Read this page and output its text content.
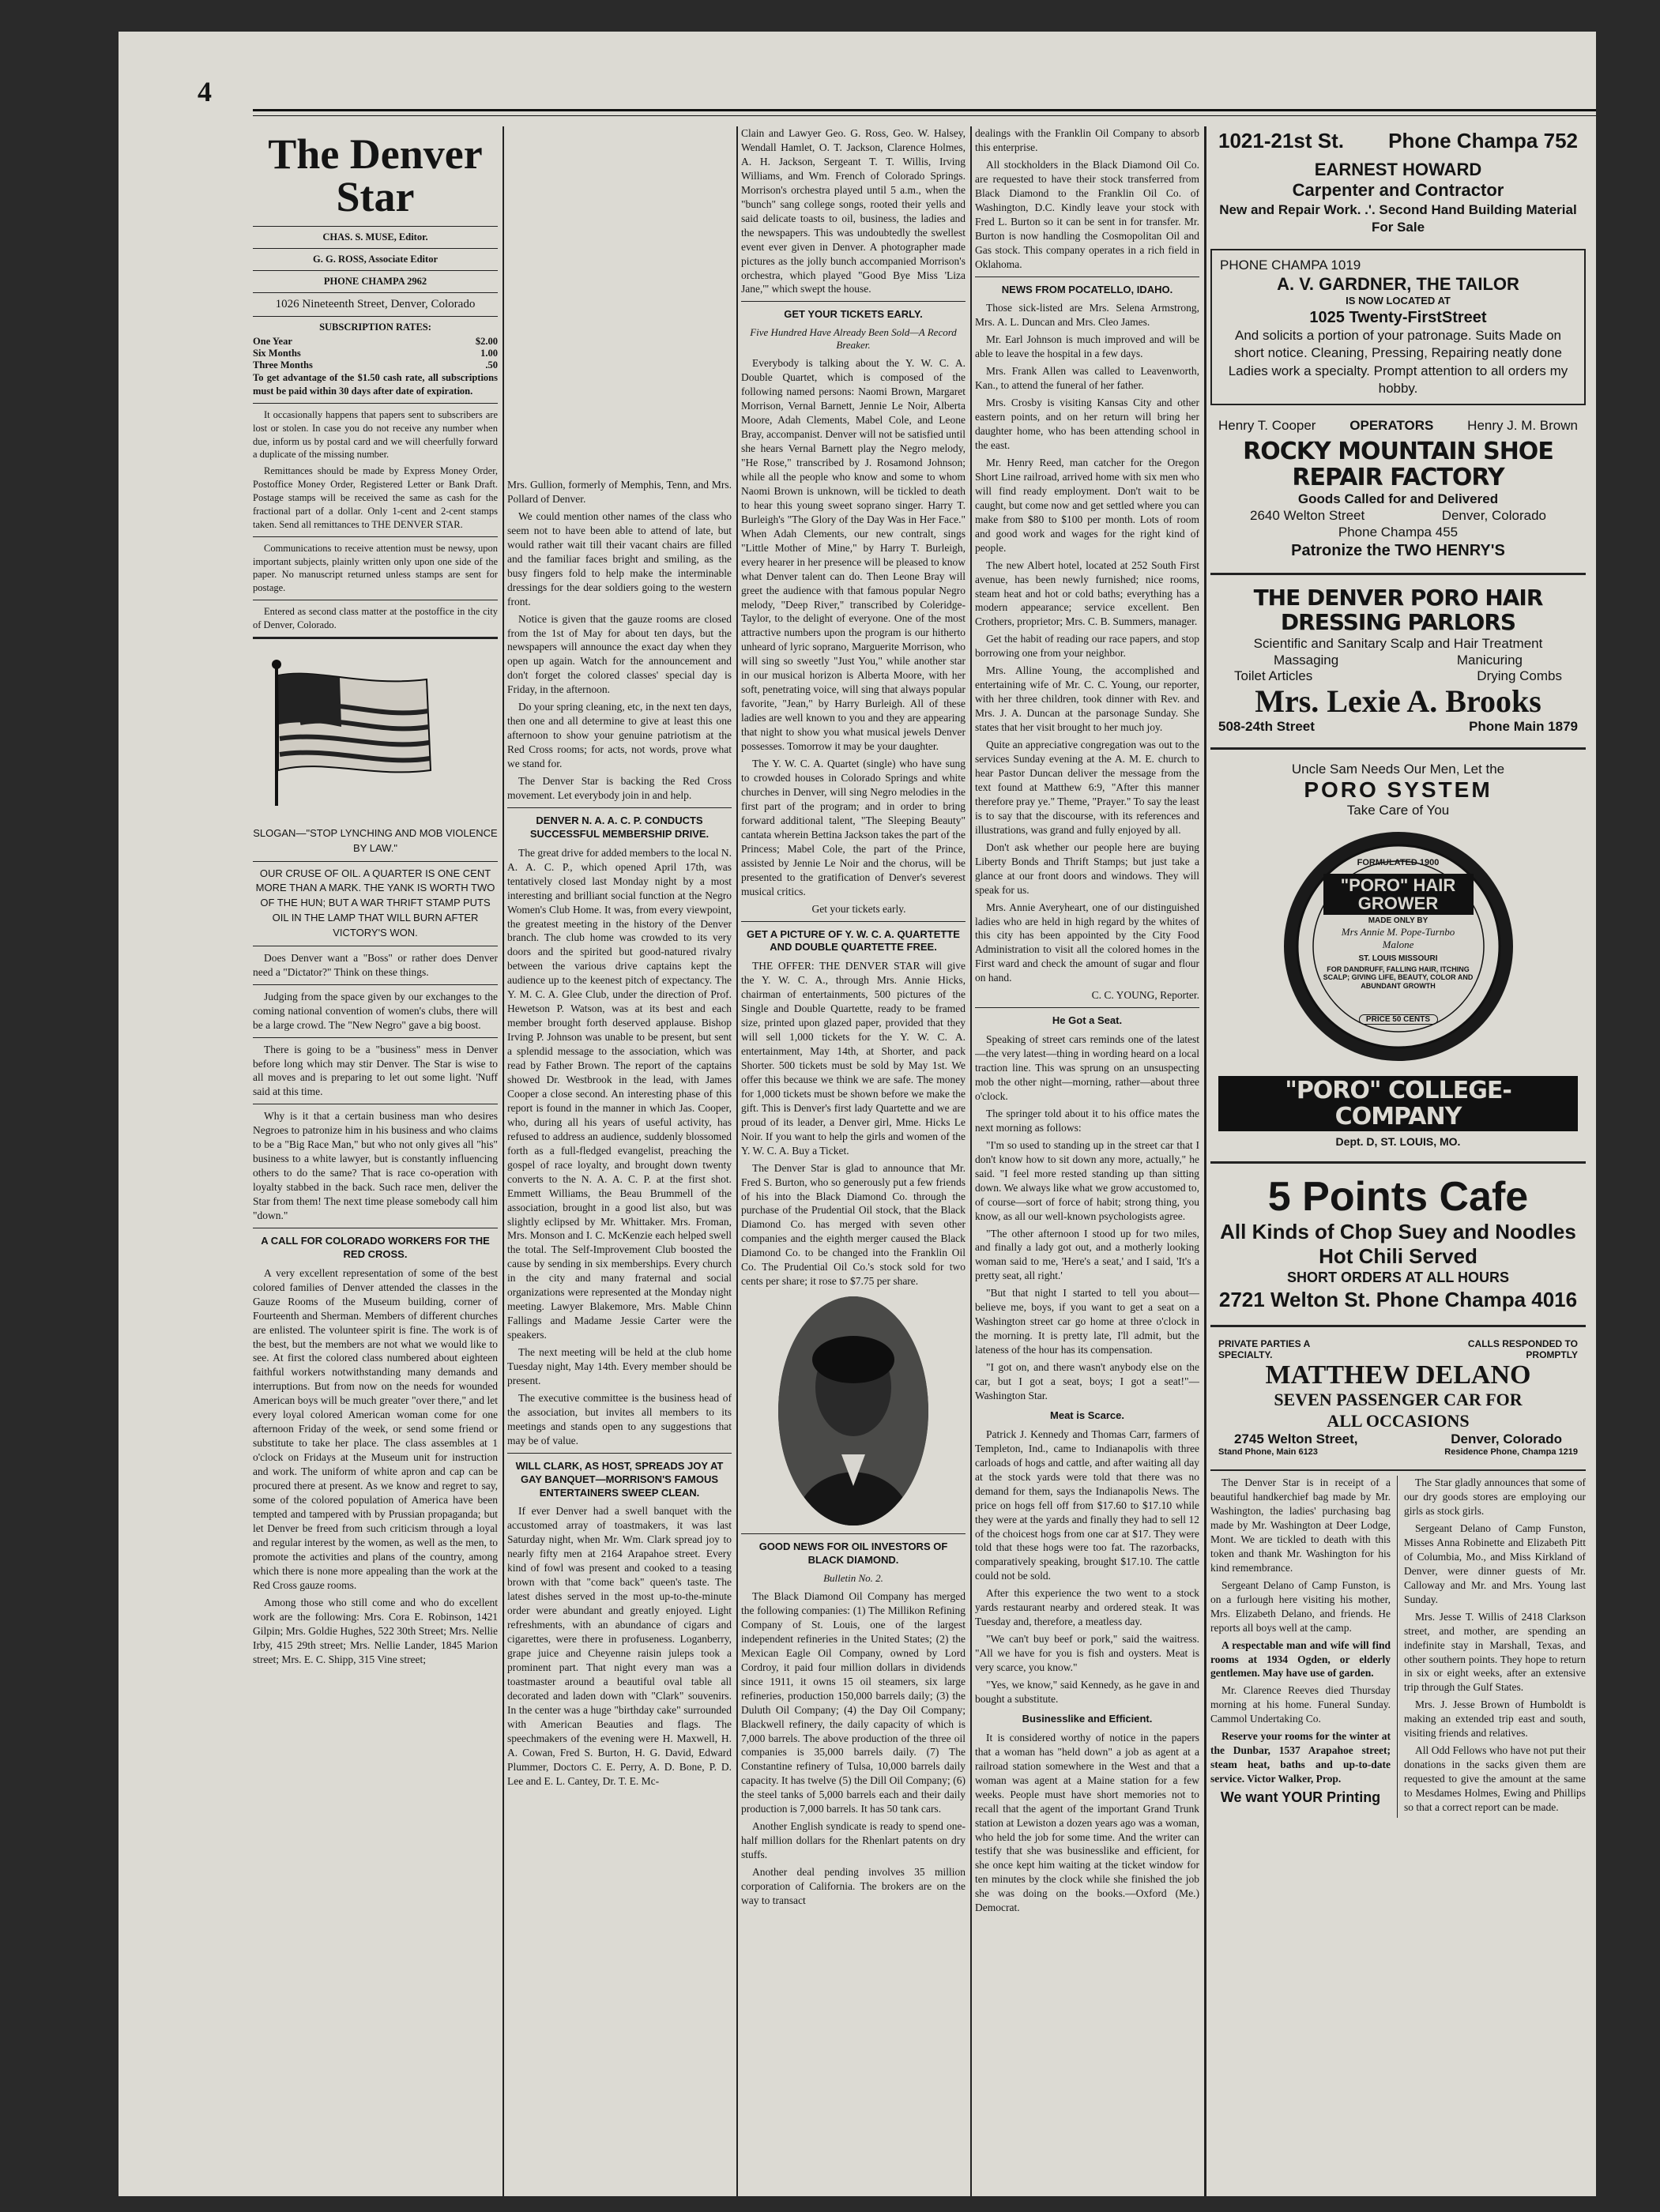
4
The Denver Star
CHAS. S. MUSE, Editor.
G. G. ROSS, Associate Editor
PHONE CHAMPA 2962
1026 Nineteenth Street, Denver, Colorado
SUBSCRIPTION RATES:
One Year	$2.00
Six Months	1.00
Three Months	.50

To get advantage of the $1.50 cash rate, all subscriptions must be paid within 30 days after date of expiration.

It occasionally happens that papers sent to subscribers are lost or stolen. In case you do not receive any number when due, inform us by postal card and we will cheerfully forward a duplicate of the missing number.

Remittances should be made by Express Money Order, Postoffice Money Order, Registered Letter or Bank Draft. Postage stamps will be received the same as cash for the fractional part of a dollar. Only 1-cent and 2-cent stamps taken. Send all remittances to THE DENVER STAR.

Communications to receive attention must be newsy, upon important subjects, plainly written only upon one side of the paper. No manuscript returned unless stamps are sent for postage.

Entered as second class matter at the postoffice in the city of Denver, Colorado.

SLOGAN—"STOP LYNCHING AND MOB VIOLENCE BY LAW."
OUR CRUSE OF OIL. A QUARTER IS ONE CENT MORE THAN A MARK. THE YANK IS WORTH TWO OF THE HUN; BUT A WAR THRIFT STAMP PUTS OIL IN THE LAMP THAT WILL BURN AFTER VICTORY'S WON.

Does Denver want a "Boss" or rather does Denver need a "Dictator?" Think on these things.

Judging from the space given by our exchanges to the coming national convention of women's clubs, there will be a large crowd. The "New Negro" gave a big boost.

There is going to be a "business" mess in Denver before long which may stir Denver. The Star is wise to all moves and is preparing to let out some light. 'Nuff said at this time.

Why is it that a certain business man who desires Negroes to patronize him in his business and who claims to be a "Big Race Man," but who not only gives all "his" business to a white lawyer, but is constantly influencing others to do the same? That is race co-operation with loyalty stabbed in the back. Such race men, deliver the Star from them! The next time please somebody call him "down."

A CALL FOR COLORADO WORKERS FOR THE RED CROSS.

A very excellent representation of some of the best colored families of Denver attended the classes in the Gauze Rooms of the Museum building, corner of Fourteenth and Sherman. Members of different churches are enlisted. The volunteer spirit is fine. The work is of the best, but the members are not what we would like to see. At first the colored class numbered about eighteen faithful workers notwithstanding many demands and interruptions. But from now on the needs for wounded American boys will be much greater "over there," and let every loyal colored American woman come for one afternoon Friday of the week, or send some friend or substitute to take her place. The class assembles at 1 o'clock on Fridays at the Museum unit for instruction and work. The uniform of white apron and cap can be procured there at present. As we know and regret to say, some of the colored population of America have been tempted and tampered with by Prussian propaganda; but let Denver be freed from such criticism through a loyal and regular interest by the women, as well as the men, to promote the activities and plans of the country, among which there is none more appealing than the work at the Red Cross gauze rooms.

Among those who still come and who do excellent work are the following: Mrs. Cora E. Robinson, 1421 Gilpin; Mrs. Goldie Hughes, 522 30th Street; Mrs. Nellie Irby, 415 29th street; Mrs. Nellie Lander, 1845 Marion street; Mrs. E. C. Shipp, 315 Vine street;

Mrs. Gullion, formerly of Memphis, Tenn, and Mrs. Pollard of Denver.

We could mention other names of the class who seem not to have been able to attend of late, but would rather wait till their vacant chairs are filled and the familiar faces bright and smiling, as the busy fingers fold to help make the interminable dressings for the dear soldiers going to the western front.

Notice is given that the gauze rooms are closed from the 1st of May for about ten days, but the newspapers will announce the exact day when they open up again. Watch for the announcement and don't forget the colored classes' special day is Friday, in the afternoon.

Do your spring cleaning, etc, in the next ten days, then one and all determine to give at least this one afternoon to show your genuine patriotism at the Red Cross rooms; for acts, not words, prove what we stand for.

The Denver Star is backing the Red Cross movement. Let everybody join in and help.

DENVER N. A. A. C. P. CONDUCTS SUCCESSFUL MEMBERSHIP DRIVE.

The great drive for added members to the local N. A. A. C. P., which opened April 17th, was tentatively closed last Monday night by a most interesting and brilliant social function at the Negro Women's Club Home. It was, from every viewpoint, the greatest meeting in the history of the Denver branch. The club home was crowded to its very doors and the spirited but good-natured rivalry between the various drive captains kept the audience up to the keenest pitch of expectancy. The Y. M. C. A. Glee Club, under the direction of Prof. Hewetson P. Watson, was at its best and each member brought forth deserved applause. Bishop Irving P. Johnson was unable to be present, but sent a splendid message to the association, which was read by Father Brown. The report of the captains showed Dr. Westbrook in the lead, with James Cooper a close second. An interesting phase of this report is found in the manner in which Jas. Cooper, who, during all his years of useful activity, has refused to address an audience, suddenly blossomed forth as a full-fledged evangelist, preaching the gospel of race loyalty, and brought down twenty converts to the N. A. A. C. P. at the first shot. Emmett Williams, the Beau Brummell of the association, brought in a good list also, but was slightly eclipsed by Mr. Whittaker. Mrs. Froman, Mrs. Monson and I. C. McKenzie each helped swell the total. The Self-Improvement Club boosted the cause by sending in six memberships. Every church in the city and many fraternal and social organizations were represented at the Monday night meeting. Lawyer Blakemore, Mrs. Mable Chinn Fallings and Madame Jessie Carter were the speakers.

The next meeting will be held at the club home Tuesday night, May 14th. Every member should be present.

The executive committee is the business head of the association, but invites all members to its meetings and stands open to any suggestions that may be of value.

WILL CLARK, AS HOST, SPREADS JOY AT GAY BANQUET—MORRISON'S FAMOUS ENTERTAINERS SWEEP CLEAN.

If ever Denver had a swell banquet with the accustomed array of toastmakers, it was last Saturday night, when Mr. Wm. Clark spread joy to nearly fifty men at 2164 Arapahoe street. Every kind of fowl was present and cooked to a teasing brown with that "come back" queen's taste. The latest dishes served in the most up-to-the-minute order were abundant and greatly enjoyed. Light refreshments, with an abundance of cigars and cigarettes, were there in profuseness. Loganberry, grape juice and Cheyenne raisin juleps took a prominent part. That night every man was a toastmaster around a beautiful oval table all decorated and laden down with "Clark" souvenirs. In the center was a huge "birthday cake" surrounded with American Beauties and flags. The speechmakers of the evening were H. Maxwell, H. A. Cowan, Fred S. Burton, H. G. David, Edward Plummer, Doctors C. E. Perry, A. D. Bone, P. D. Lee and E. L. Cantey, Dr. T. E. Mc-

Clain and Lawyer Geo. G. Ross, Geo. W. Halsey, Wendall Hamlet, O. T. Jackson, Clarence Holmes, A. H. Jackson, Sergeant T. T. Willis, Irving Williams, and Wm. French of Colorado Springs. Morrison's orchestra played until 5 a.m., when the "bunch" sang college songs, rooted their yells and said delicate toasts to oil, business, the ladies and the newspapers. This was undoubtedly the swellest event ever given in Denver. A photographer made pictures as the jolly bunch accompanied Morrison's orchestra, which played "Good Bye Miss 'Liza Jane,'" which swept the house.

GET YOUR TICKETS EARLY.
Five Hundred Have Already Been Sold—A Record Breaker.

Everybody is talking about the Y. W. C. A. Double Quartet, which is composed of the following named persons: Naomi Brown, Margaret Morrison, Vernal Barnett, Jennie Le Noir, Alberta Moore, Adah Clements, Mabel Cole, and Leone Bray, accompanist. Denver will not be satisfied until she hears Vernal Barnett play the Negro melody, "He Rose," transcribed by J. Rosamond Johnson; while all the people who know and some to whom Naomi Brown is unknown, will be tickled to death to hear this young sweet soprano singer. Harry T. Burleigh's "The Glory of the Day Was in Her Face." When Adah Clements, our new contralt, sings "Little Mother of Mine," by Harry T. Burleigh, every hearer in her presence will be pleased to know what Denver talent can do. Then Leone Bray will greet the audience with that famous popular Negro melody, "Deep River," transcribed by Coleridge-Taylor, to the delight of everyone. One of the most attractive numbers upon the program is our hitherto unheard of lyric soprano, Marguerite Morrison, who will sing so sweetly "Just You," while another star in our musical horizon is Alberta Moore, with her soft, penetrating voice, will sing that always popular favorite, "Jean," by Harry Burleigh. All of these ladies are well known to you and they are appearing that night to show you what musical jewels Denver possesses. Tomorrow it may be your daughter.

The Y. W. C. A. Quartet (single) who have sung to crowded houses in Colorado Springs and white churches in Denver, will sing Negro melodies in the first part of the program; and in order to bring forward additional talent, "The Sleeping Beauty" cantata wherein Bettina Jackson takes the part of the Princess; Mabel Cole, the part of the Prince, assisted by Jennie Le Noir and the chorus, will be presented to the gratification of Denver's severest musical critics.

Get your tickets early.

GET A PICTURE OF Y. W. C. A. QUARTETTE AND DOUBLE QUARTETTE FREE.

THE OFFER: THE DENVER STAR will give the Y. W. C. A., through Mrs. Annie Hicks, chairman of entertainments, 500 pictures of the Single and Double Quartette, ready to be framed size, printed upon glazed paper, provided that they will sell 1,000 tickets for the Y. W. C. A. entertainment, May 14th, at Shorter, and pack Shorter. 500 tickets must be sold by May 1st. We offer this because we think we are safe. The money for 1,000 tickets must be shown before we make the gift. This is Denver's first lady Quartette and we are proud of its leader, a Denver girl, Mme. Hicks Le Noir. If you want to help the girls and women of the Y. W. C. A. Buy a Ticket.

The Denver Star is glad to announce that Mr. Fred S. Burton, who so generously put a few friends of his into the Black Diamond Co. through the purchase of the Prudential Oil stock, that the Black Diamond Co. has merged with seven other companies and the eighth merger caused the Black Diamond Co. to be changed into the Franklin Oil Co. The Prudential Oil Co.'s stock sold for two cents per share; it rose to $7.75 per share.

GOOD NEWS FOR OIL INVESTORS OF BLACK DIAMOND.
Bulletin No. 2.

The Black Diamond Oil Company has merged the following companies: (1) The Millikon Refining Company of St. Louis, one of the largest independent refineries in the United States; (2) the Mexican Eagle Oil Company, owned by Lord Cordroy, it paid four million dollars in dividends since 1911, it owns 15 oil steamers, six large refineries, production 150,000 barrels daily; (3) the Duluth Oil Company; (4) the Day Oil Company; Blackwell refinery, the daily capacity of which is 7,000 barrels. The above production of the three oil companies is 35,000 barrels daily. (7) The Constantine refinery of Tulsa, 10,000 barrels daily capacity. It has twelve (5) the Dill Oil Company; (6) the steel tanks of 5,000 barrels each and their daily production is 7,000 barrels. It has 50 tank cars.

Another English syndicate is ready to spend one-half million dollars for the Rhenlart patents on dry stuffs.

Another deal pending involves 35 million corporation of California. The brokers are on the way to transact

dealings with the Franklin Oil Company to absorb this enterprise.

All stockholders in the Black Diamond Oil Co. are requested to have their stock transferred from Black Diamond to the Franklin Oil Co. of Washington, D.C. Kindly leave your stock with Fred L. Burton so it can be sent in for transfer. Mr. Burton is now handling the Cosmopolitan Oil and Gas stock. This company operates in a rich field in Oklahoma.

NEWS FROM POCATELLO, IDAHO.

Those sick-listed are Mrs. Selena Armstrong, Mrs. A. L. Duncan and Mrs. Cleo James.

Mr. Earl Johnson is much improved and will be able to leave the hospital in a few days.

Mrs. Frank Allen was called to Leavenworth, Kan., to attend the funeral of her father.

Mrs. Crosby is visiting Kansas City and other eastern points, and on her return will bring her daughter home, who has been attending school in the east.

Mr. Henry Reed, man catcher for the Oregon Short Line railroad, arrived home with six men who will find ready employment. Don't wait to be caught, but come now and get settled where you can make from $80 to $100 per month. Lots of room and good work and wages for the right kind of people.

The new Albert hotel, located at 252 South First avenue, has been newly furnished; nice rooms, steam heat and hot or cold baths; everything has a modern appearance; service excellent. Ben Crothers, proprietor; Mrs. C. B. Summers, manager.

Get the habit of reading our race papers, and stop borrowing one from your neighbor.

Mrs. Alline Young, the accomplished and entertaining wife of Mr. C. C. Young, our reporter, with her three children, took dinner with Rev. and Mrs. J. A. Duncan at the parsonage Sunday. She states that her visit brought to her much joy.

Quite an appreciative congregation was out to the services Sunday evening at the A. M. E. church to hear Pastor Duncan deliver the message from the text found at Matthew 6:9, "After this manner therefore pray ye." Theme, "Prayer." To say the least is to say that the discourse, with its references and illustrations, was grand and fully enjoyed by all.

Don't ask whether our people here are buying Liberty Bonds and Thrift Stamps; but just take a glance at our front doors and windows. They will speak for us.

Mrs. Annie Averyheart, one of our distinguished ladies who are held in high regard by the whites of this city has been appointed by the City Food Administration to visit all the colored homes in the First ward and check the amount of sugar and flour on hand.

C. C. YOUNG, Reporter.

He Got a Seat.

Speaking of street cars reminds one of the latest—the very latest—thing in wording heard on a local traction line. This was sprung on an unsuspecting mob the other night—morning, rather—about three o'clock.

The springer told about it to his office mates the next morning as follows:

"I'm so used to standing up in the street car that I don't know how to sit down any more, actually," he said. "I feel more rested standing up than sitting down. We always like what we grow accustomed to, of course—sort of force of habit; strong thing, you know, as all our well-known psychologists agree.

"The other afternoon I stood up for two miles, and finally a lady got out, and a motherly looking woman said to me, 'Here's a seat,' and I said, 'It's a pretty seat, all right.'

"But that night I started to tell you about—believe me, boys, if you want to get a seat on a Washington street car go home at three o'clock in the morning. It is pretty late, I'll admit, but the lateness of the hour has its compensation.

"I got on, and there wasn't anybody else on the car, but I got a seat, boys; I got a seat!"—Washington Star.

Meat is Scarce.

Patrick J. Kennedy and Thomas Carr, farmers of Templeton, Ind., came to Indianapolis with three carloads of hogs and cattle, and after waiting all day at the stock yards were told that there was no demand for them, says the Indianapolis News. The price on hogs fell off from $17.60 to $17.10 while they were at the yards and finally they had to sell 12 of the choicest hogs from one car at $17. They were told that these hogs were too fat. The razorbacks, comparatively speaking, brought $17.10. The cattle could not be sold.

After this experience the two went to a stock yards restaurant nearby and ordered steak. It was Tuesday and, therefore, a meatless day.

"We can't buy beef or pork," said the waitress. "All we have for you is fish and oysters. Meat is very scarce, you know."

"Yes, we know," said Kennedy, as he gave in and bought a substitute.

Businesslike and Efficient.

It is considered worthy of notice in the papers that a woman has "held down" a job as agent at a railroad station somewhere in the West and that a woman was agent at a Maine station for a few weeks. People must have short memories not to recall that the agent of the important Grand Trunk station at Lewiston a dozen years ago was a woman, who held the job for some time. And the writer can testify that she was businesslike and efficient, for she once kept him waiting at the ticket window for ten minutes by the clock while she finished the job she was doing on the books.—Oxford (Me.) Democrat.

1021-21st St. Phone Champa 752
EARNEST HOWARD
Carpenter and Contractor
New and Repair Work. .'. Second Hand Building Material For Sale
PHONE CHAMPA 1019
A. V. GARDNER, THE TAILOR
IS NOW LOCATED AT
1025 Twenty-FirstStreet
And solicits a portion of your patronage. Suits Made on short notice. Cleaning, Pressing, Repairing neatly done Ladies work a specialty. Prompt attention to all orders my hobby.
Henry T. Cooper	OPERATORS	Henry J. M. Brown
ROCKY MOUNTAIN SHOE REPAIR FACTORY
Goods Called for and Delivered
2640 Welton Street	Denver, Colorado
Phone Champa 455
Patronize the TWO HENRY'S
THE DENVER PORO HAIR DRESSING PARLORS
Scientific and Sanitary Scalp and Hair Treatment
Massaging	Manicuring
Toilet Articles	Drying Combs
Mrs. Lexie A. Brooks
508-24th Street	Phone Main 1879
Uncle Sam Needs Our Men, Let the
PORO SYSTEM
Take Care of You
FORMULATED 1900
"PORO" HAIR GROWER
MADE ONLY BY
Mrs Annie M. Pope-Turnbo Malone
ST. LOUIS MISSOURI
FOR DANDRUFF, FALLING HAIR, ITCHING SCALP; GIVING LIFE, BEAUTY, COLOR AND ABUNDANT GROWTH
PRICE 50 CENTS
"PORO" COLLEGE-COMPANY
Dept. D, ST. LOUIS, MO.
5 Points Cafe
All Kinds of Chop Suey and Noodles
Hot Chili Served
SHORT ORDERS AT ALL HOURS
2721 Welton St. Phone Champa 4016
PRIVATE PARTIES A SPECIALTY.
CALLS RESPONDED TO PROMPTLY
MATTHEW DELANO
SEVEN PASSENGER CAR FOR
ALL OCCASIONS
2745 Welton Street,	Denver, Colorado
Stand Phone, Main 6123	Residence Phone, Champa 1219

The Denver Star is in receipt of a beautiful handkerchief bag made by Mr. Washington, the ladies' purchasing bag made by Mr. Washington at Deer Lodge, Mont. We are tickled to death with this token and thank Mr. Washington for his kind remembrance.

Sergeant Delano of Camp Funston, is on a furlough here visiting his mother, Mrs. Elizabeth Delano, and friends. He reports all boys well at the camp.

A respectable man and wife will find rooms at 1934 Ogden, or elderly gentlemen. May have use of garden.

Mr. Clarence Reeves died Thursday morning at his home. Funeral Sunday. Cammol Undertaking Co.

Reserve your rooms for the winter at the Dunbar, 1537 Arapahoe street; steam heat, baths and up-to-date service. Victor Walker, Prop.

We want YOUR Printing

The Star gladly announces that some of our dry goods stores are employing our girls as stock girls.

Sergeant Delano of Camp Funston, Misses Anna Robinette and Elizabeth Pitt of Columbia, Mo., and Miss Kirkland of Denver, were dinner guests of Mr. Calloway and Mr. and Mrs. Young last Sunday.

Mrs. Jesse T. Willis of 2418 Clarkson street, and mother, are spending an indefinite stay in Marshall, Texas, and other southern points. They hope to return in six or eight weeks, after an extensive trip through the Gulf States.

Mrs. J. Jesse Brown of Humboldt is making an extended trip east and south, visiting friends and relatives.

All Odd Fellows who have not put their donations in the sacks given them are requested to give the amount at the same to Mesdames Holmes, Ewing and Phillips so that a correct report can be made.
